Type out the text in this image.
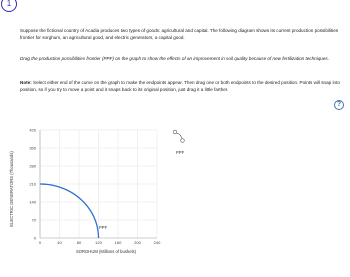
1

Suppose the fictional country of Acadia produces two types of goods: agricultural and capital. The following diagram shows its current production possibilities frontier for sorghum, an agricultural good, and electric generators, a capital good.

Drag the production possibilities frontier (PPF) on the graph to show the effects of an improvement in soil quality because of new fertilization techniques.

Note: Select either end of the curve on the graph to make the endpoints appear. Then drag one or both endpoints to the desired position. Points will snap into position, so if you try to move a point and it snaps back to its original position, just drag it a little farther.

?
0
70
140
210
280
350
420
0	40	80	120	160	200	240
ELECTRIC GENERATORS (Thousands)
SORGHUM (Millions of bushels)
PPF
PPF
